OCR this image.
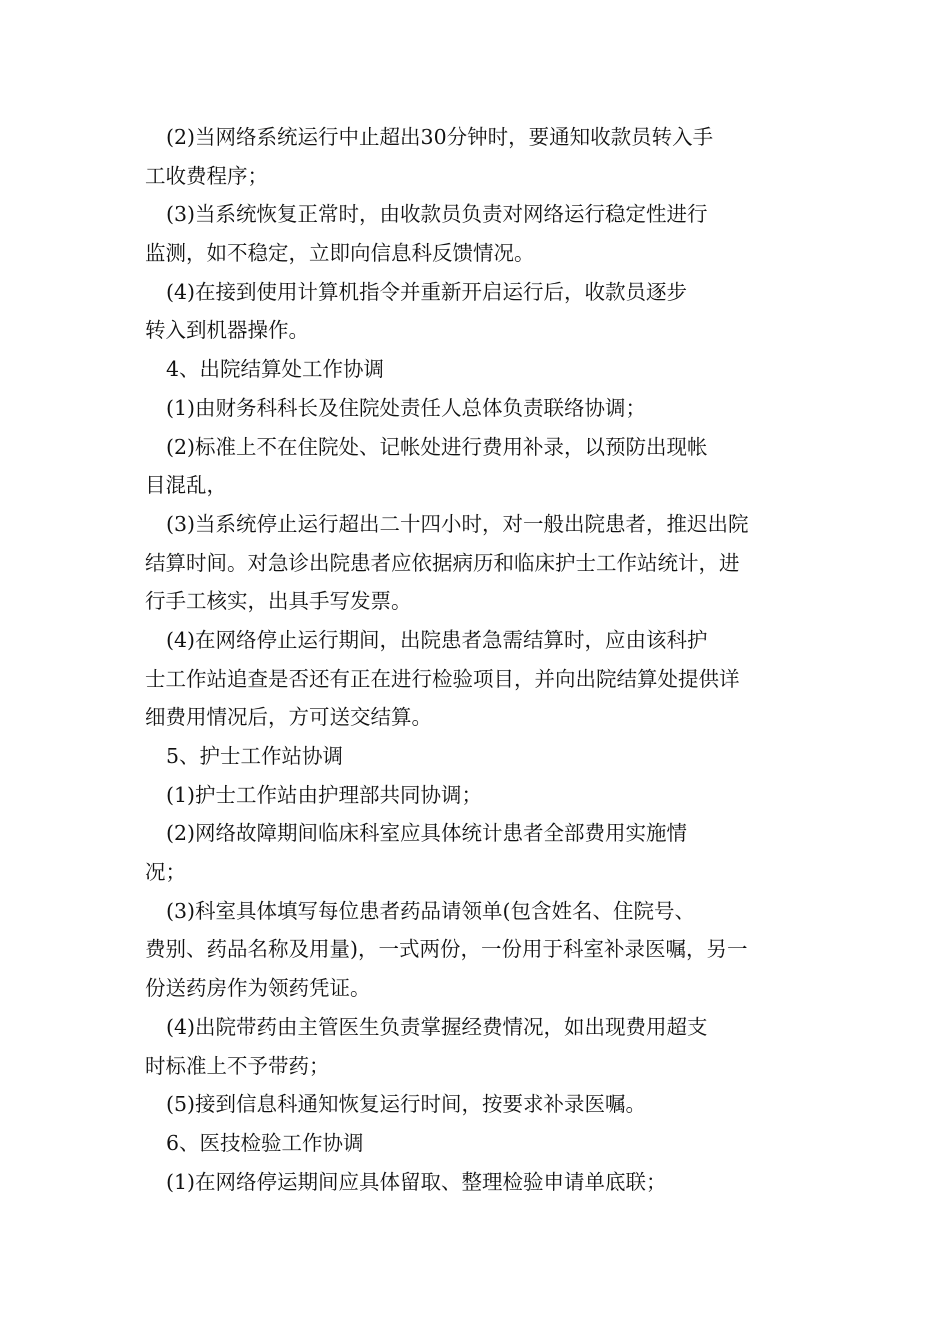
(2)当网络系统运行中止超出30分钟时，要通知收款员转入手
工收费程序；
(3)当系统恢复正常时，由收款员负责对网络运行稳定性进行
监测，如不稳定，立即向信息科反馈情况。
(4)在接到使用计算机指令并重新开启运行后，收款员逐步
转入到机器操作。
4、出院结算处工作协调
(1)由财务科科长及住院处责任人总体负责联络协调；
(2)标准上不在住院处、记帐处进行费用补录，以预防出现帐
目混乱，
(3)当系统停止运行超出二十四小时，对一般出院患者，推迟出院
结算时间。对急诊出院患者应依据病历和临床护士工作站统计，进
行手工核实，出具手写发票。
(4)在网络停止运行期间，出院患者急需结算时，应由该科护
士工作站追查是否还有正在进行检验项目，并向出院结算处提供详
细费用情况后，方可送交结算。
5、护士工作站协调
(1)护士工作站由护理部共同协调；
(2)网络故障期间临床科室应具体统计患者全部费用实施情
况；
(3)科室具体填写每位患者药品请领单(包含姓名、住院号、
费别、药品名称及用量)，一式两份，一份用于科室补录医嘱，另一
份送药房作为领药凭证。
(4)出院带药由主管医生负责掌握经费情况，如出现费用超支
时标准上不予带药；
(5)接到信息科通知恢复运行时间，按要求补录医嘱。
6、医技检验工作协调
(1)在网络停运期间应具体留取、整理检验申请单底联；
